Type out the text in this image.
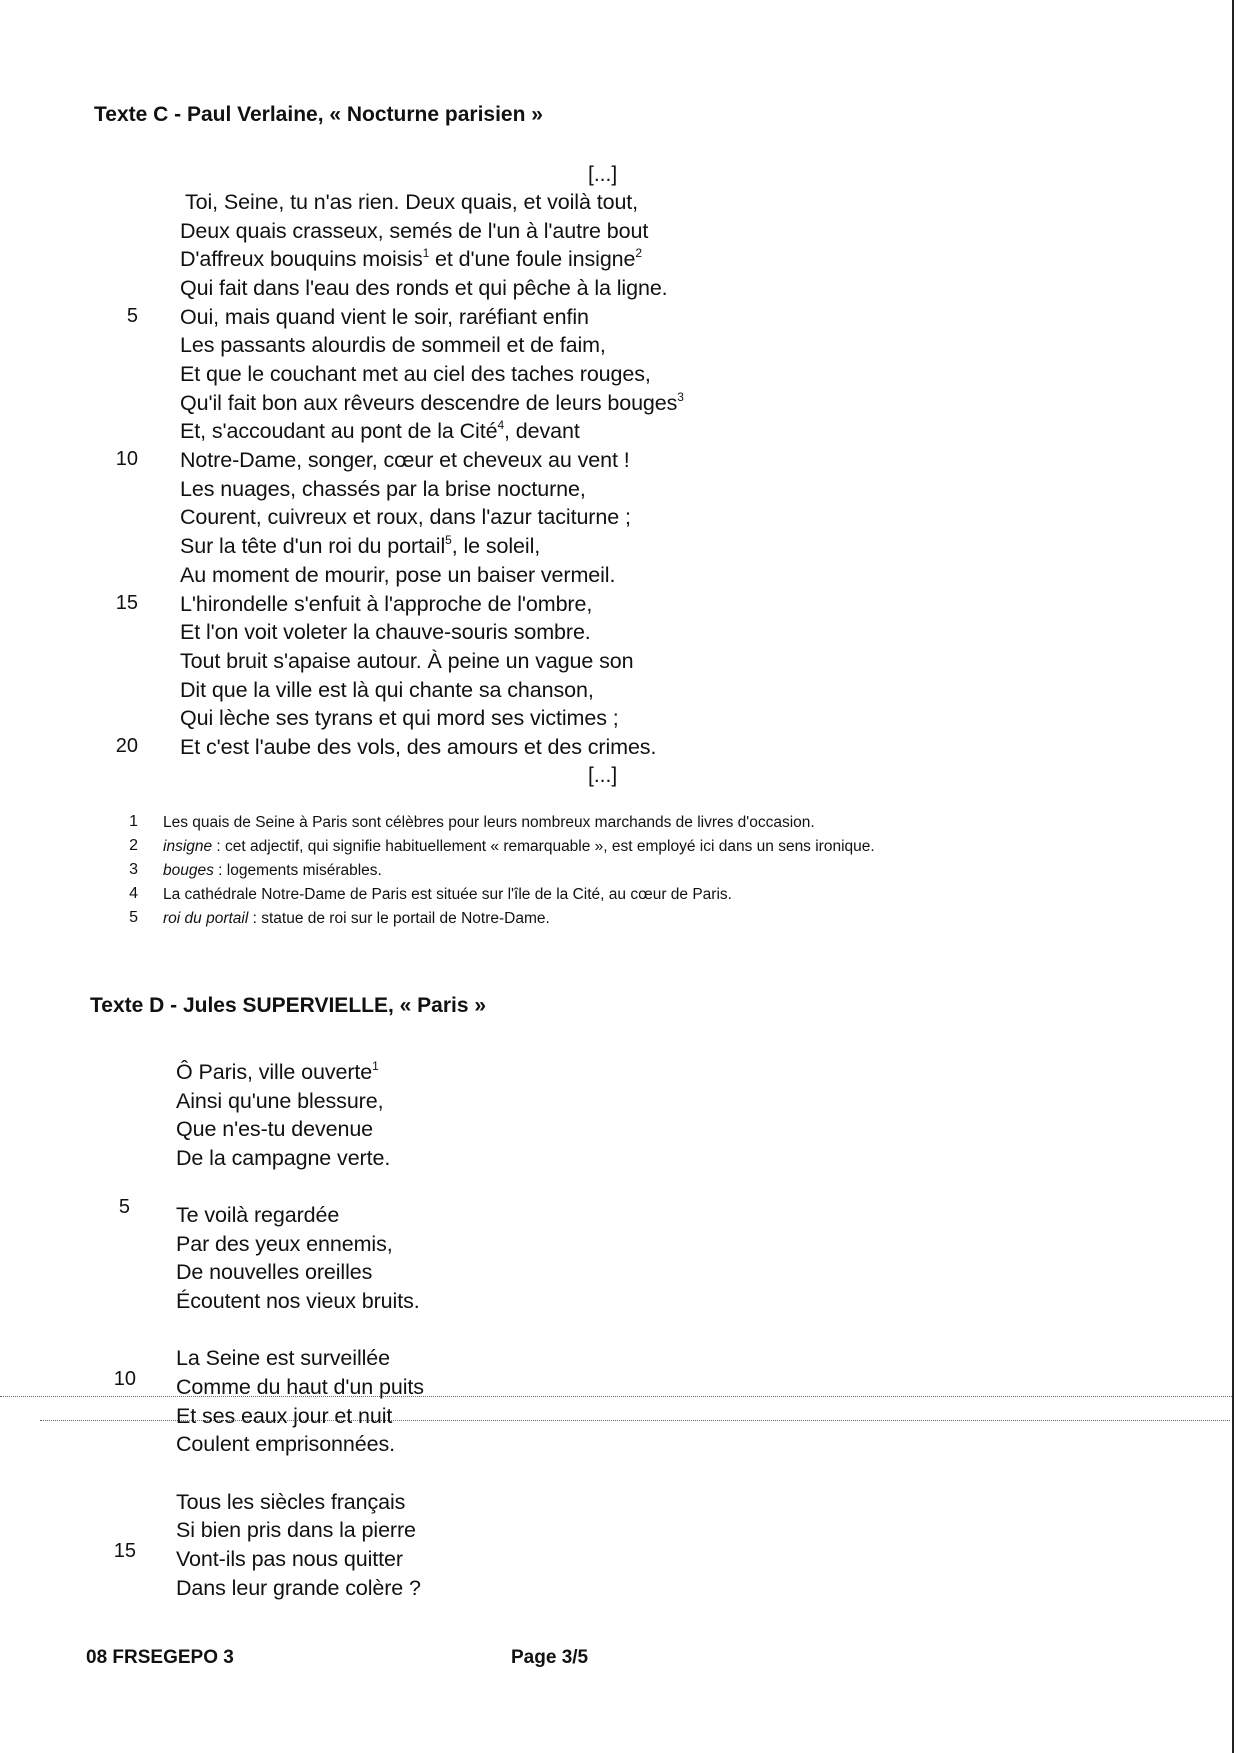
Texte C - Paul Verlaine, « Nocturne parisien »
[...]
Toi, Seine, tu n'as rien. Deux quais, et voilà tout,
Deux quais crasseux, semés de l'un à l'autre bout
D'affreux bouquins moisis$^1$ et d'une foule insigne$^2$
Qui fait dans l'eau des ronds et qui pêche à la ligne.
5 Oui, mais quand vient le soir, raréfiant enfin
Les passants alourdis de sommeil et de faim,
Et que le couchant met au ciel des taches rouges,
Qu'il fait bon aux rêveurs descendre de leurs bouges$^3$
Et, s'accoudant au pont de la Cité$^4$, devant
10 Notre-Dame, songer, cœur et cheveux au vent !
Les nuages, chassés par la brise nocturne,
Courent, cuivreux et roux, dans l'azur taciturne ;
Sur la tête d'un roi du portail$^5$, le soleil,
Au moment de mourir, pose un baiser vermeil.
15 L'hirondelle s'enfuit à l'approche de l'ombre,
Et l'on voit voleter la chauve-souris sombre.
Tout bruit s'apaise autour. À peine un vague son
Dit que la ville est là qui chante sa chanson,
Qui lèche ses tyrans et qui mord ses victimes ;
20 Et c'est l'aube des vols, des amours et des crimes.
[...]
1 Les quais de Seine à Paris sont célèbres pour leurs nombreux marchands de livres d'occasion.
2 insigne : cet adjectif, qui signifie habituellement « remarquable », est employé ici dans un sens ironique.
3 bouges : logements misérables.
4 La cathédrale Notre-Dame de Paris est située sur l'île de la Cité, au cœur de Paris.
5 roi du portail : statue de roi sur le portail de Notre-Dame.
Texte D - Jules SUPERVIELLE, « Paris »
Ô Paris, ville ouverte$^1$
Ainsi qu'une blessure,
Que n'es-tu devenue
De la campagne verte.
5 Te voilà regardée
Par des yeux ennemis,
De nouvelles oreilles
Écoutent nos vieux bruits.
La Seine est surveillée
10 Comme du haut d'un puits
Et ses eaux jour et nuit
Coulent emprisonnées.
Tous les siècles français
Si bien pris dans la pierre
15 Vont-ils pas nous quitter
Dans leur grande colère ?
08 FRSEGEPO 3	Page 3/5
